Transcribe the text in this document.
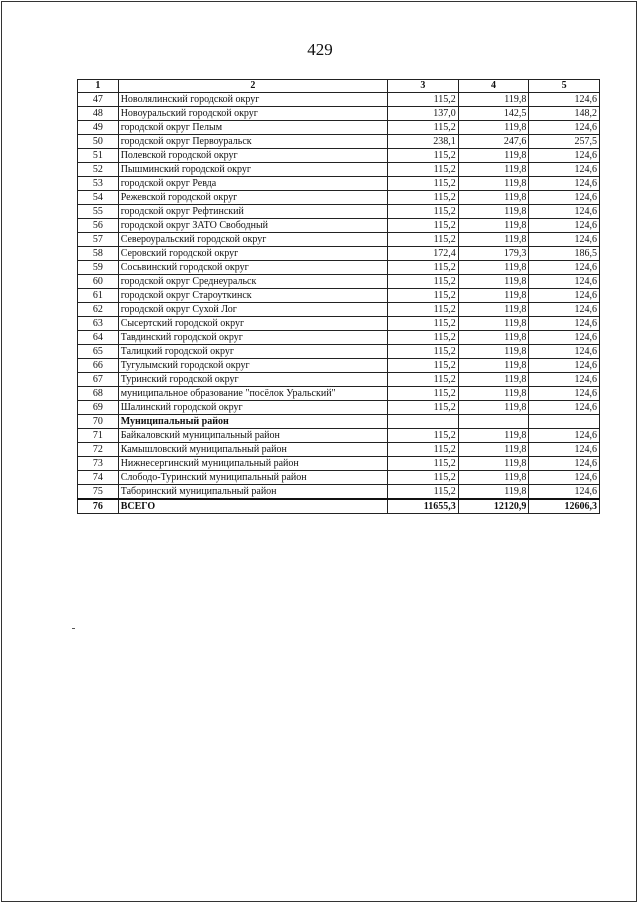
429
1	2	3	4	5
47	Новолялинский городской округ	115,2	119,8	124,6
48	Новоуральский городской округ	137,0	142,5	148,2
49	городской округ Пелым	115,2	119,8	124,6
50	городской округ Первоуральск	238,1	247,6	257,5
51	Полевской городской округ	115,2	119,8	124,6
52	Пышминский городской округ	115,2	119,8	124,6
53	городской округ Ревда	115,2	119,8	124,6
54	Режевской городской округ	115,2	119,8	124,6
55	городской округ Рефтинский	115,2	119,8	124,6
56	городской округ ЗАТО Свободный	115,2	119,8	124,6
57	Североуральский городской округ	115,2	119,8	124,6
58	Серовский городской округ	172,4	179,3	186,5
59	Сосьвинский городской округ	115,2	119,8	124,6
60	городской округ Среднеуральск	115,2	119,8	124,6
61	городской округ Староуткинск	115,2	119,8	124,6
62	городской округ Сухой Лог	115,2	119,8	124,6
63	Сысертский городской округ	115,2	119,8	124,6
64	Тавдинский городской округ	115,2	119,8	124,6
65	Талицкий городской округ	115,2	119,8	124,6
66	Тугулымский городской округ	115,2	119,8	124,6
67	Туринский городской округ	115,2	119,8	124,6
68	муниципальное образование "посёлок Уральский"	115,2	119,8	124,6
69	Шалинский городской округ	115,2	119,8	124,6
70	Муниципальный район			
71	Байкаловский муниципальный район	115,2	119,8	124,6
72	Камышловский муниципальный район	115,2	119,8	124,6
73	Нижнесергинский муниципальный район	115,2	119,8	124,6
74	Слободо-Туринский муниципальный район	115,2	119,8	124,6
75	Таборинский муниципальный район	115,2	119,8	124,6
76	ВСЕГО	11655,3	12120,9	12606,3
